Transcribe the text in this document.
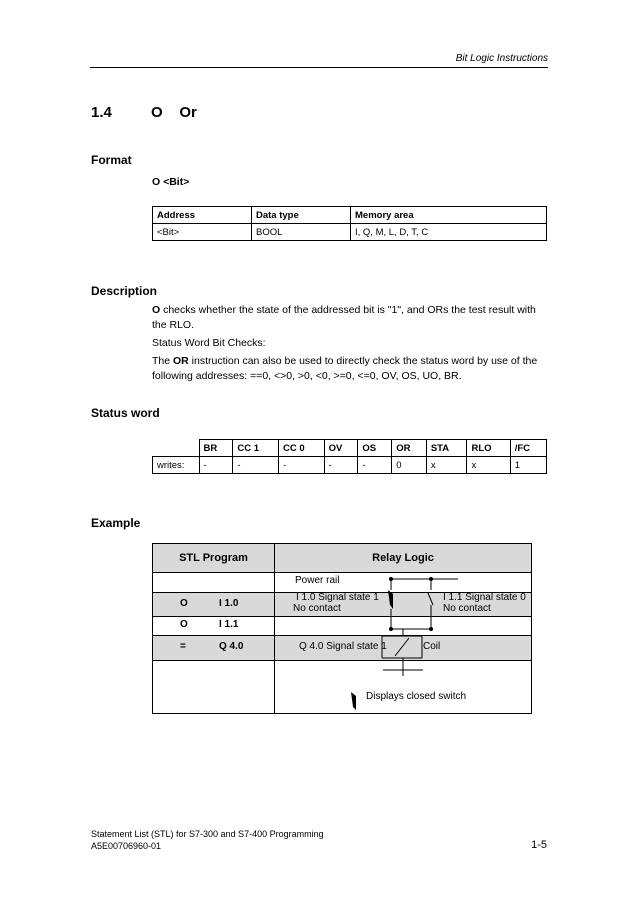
Bit Logic Instructions
1.4	O    Or
Format
O <Bit>
Address	Data type	Memory area
<Bit>	BOOL	I, Q, M, L, D, T, C
Description
O checks whether the state of the addressed bit is "1", and ORs the test result with the RLO.
Status Word Bit Checks:
The OR instruction can also be used to directly check the status word by use of the following addresses: ==0, <>0, >0, <0, >=0, <=0, OV, OS, UO, BR.
Status word
	BR	CC 1	CC 0	OV	OS	OR	STA	RLO	/FC
writes:	-	-	-	-	-	0	x	x	1
Example
STL Program	Relay Logic
O	I 1.0
O	I 1.1
=	Q 4.0
Power rail
I 1.0 Signal state 1
No contact
I 1.1 Signal state 0
No contact
Q 4.0 Signal state 1	Coil
Displays closed switch
Statement List (STL) for S7-300 and S7-400 Programming
A5E00706960-01	1-5
